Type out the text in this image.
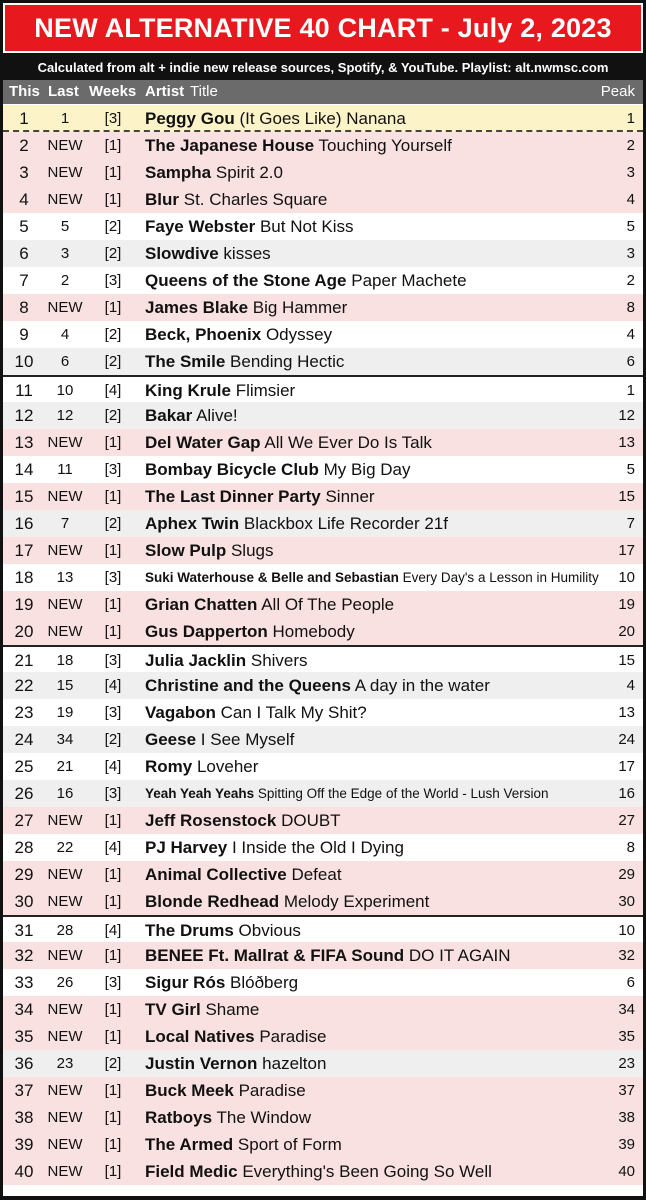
NEW ALTERNATIVE 40 CHART - July 2, 2023
Calculated from alt + indie new release sources, Spotify, & YouTube. Playlist: alt.nwmsc.com
This Last Weeks Artist Title	Peak
1	1	[3]	Peggy Gou (It Goes Like) Nanana	1
2	NEW	[1]	The Japanese House Touching Yourself	2
3	NEW	[1]	Sampha Spirit 2.0	3
4	NEW	[1]	Blur St. Charles Square	4
5	5	[2]	Faye Webster But Not Kiss	5
6	3	[2]	Slowdive kisses	3
7	2	[3]	Queens of the Stone Age Paper Machete	2
8	NEW	[1]	James Blake Big Hammer	8
9	4	[2]	Beck, Phoenix Odyssey	4
10	6	[2]	The Smile Bending Hectic	6
11	10	[4]	King Krule Flimsier	1
12	12	[2]	Bakar Alive!	12
13 NEW	[1]	Del Water Gap All We Ever Do Is Talk	13
14	11	[3]	Bombay Bicycle Club My Big Day	5
15 NEW	[1]	The Last Dinner Party Sinner	15
16	7	[2]	Aphex Twin Blackbox Life Recorder 21f	7
17 NEW	[1]	Slow Pulp Slugs	17
18	13	[3]	Suki Waterhouse & Belle and Sebastian Every Day's a Lesson in Humility	10
19 NEW	[1]	Grian Chatten All Of The People	19
20 NEW	[1]	Gus Dapperton Homebody	20
21	18	[3]	Julia Jacklin Shivers	15
22	15	[4]	Christine and the Queens A day in the water	4
23	19	[3]	Vagabon Can I Talk My Shit?	13
24	34	[2]	Geese I See Myself	24
25	21	[4]	Romy Loveher	17
26	16	[3]	Yeah Yeah Yeahs Spitting Off the Edge of the World - Lush Version	16
27 NEW	[1]	Jeff Rosenstock DOUBT	27
28	22	[4]	PJ Harvey I Inside the Old I Dying	8
29 NEW	[1]	Animal Collective Defeat	29
30 NEW	[1]	Blonde Redhead Melody Experiment	30
31	28	[4]	The Drums Obvious	10
32 NEW	[1]	BENEE Ft. Mallrat & FIFA Sound DO IT AGAIN	32
33	26	[3]	Sigur Rós Blóðberg	6
34 NEW	[1]	TV Girl Shame	34
35 NEW	[1]	Local Natives Paradise	35
36	23	[2]	Justin Vernon hazelton	23
37 NEW	[1]	Buck Meek Paradise	37
38 NEW	[1]	Ratboys The Window	38
39 NEW	[1]	The Armed Sport of Form	39
40 NEW	[1]	Field Medic Everything's Been Going So Well	40
